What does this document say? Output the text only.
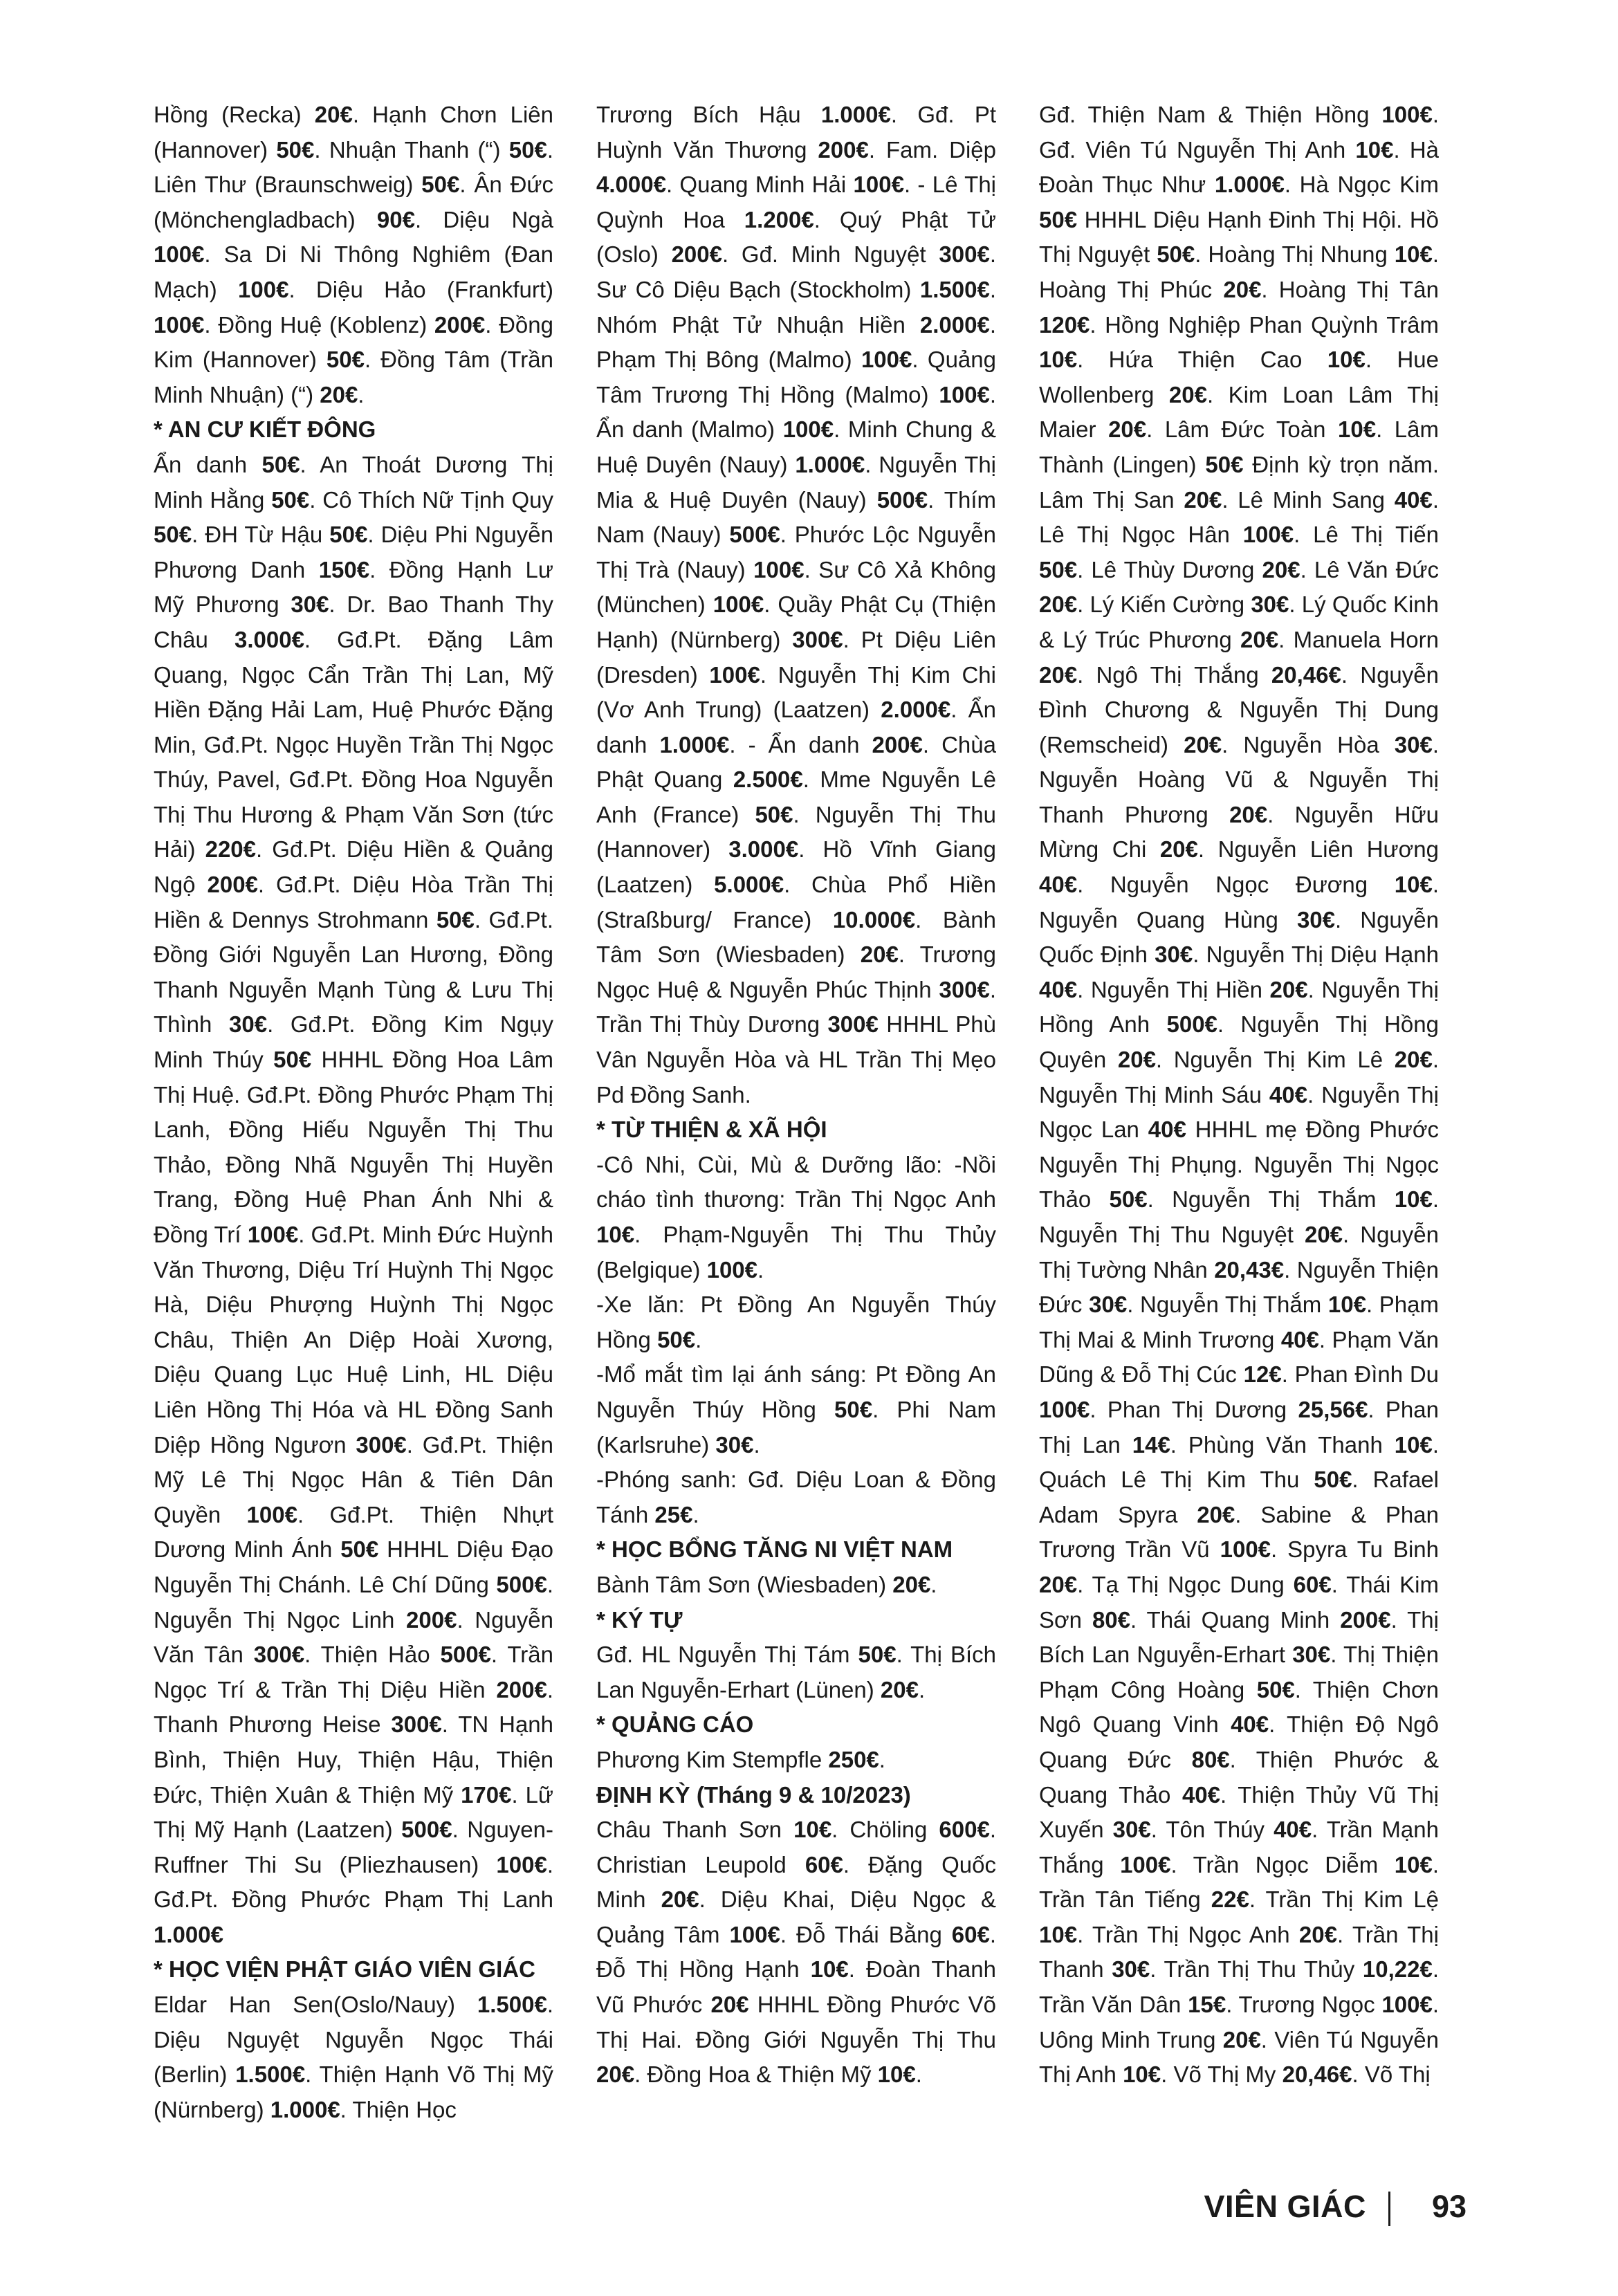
Hồng (Recka) 20€. Hạnh Chơn Liên (Hannover) 50€. Nhuận Thanh (“) 50€. Liên Thư (Braunschweig) 50€. Ân Đức (Mönchengladbach) 90€. Diệu Ngà 100€. Sa Di Ni Thông Nghiêm (Đan Mạch) 100€. Diệu Hảo (Frankfurt) 100€. Đồng Huệ (Koblenz) 200€. Đồng Kim (Hannover) 50€. Đồng Tâm (Trần Minh Nhuận) (“) 20€.

* AN CƯ KIẾT ĐÔNG

Ẩn danh 50€. An Thoát Dương Thị Minh Hằng 50€. Cô Thích Nữ Tịnh Quy 50€. ĐH Từ Hậu 50€. Diệu Phi Nguyễn Phương Danh 150€. Đồng Hạnh Lư Mỹ Phương 30€. Dr. Bao Thanh Thy Châu 3.000€. Gđ.Pt. Đặng Lâm Quang, Ngọc Cẩn Trần Thị Lan, Mỹ Hiền Đặng Hải Lam, Huệ Phước Đặng Min, Gđ.Pt. Ngọc Huyền Trần Thị Ngọc Thúy, Pavel, Gđ.Pt. Đồng Hoa Nguyễn Thị Thu Hương & Phạm Văn Sơn (tức Hải) 220€. Gđ.Pt. Diệu Hiền & Quảng Ngộ 200€. Gđ.Pt. Diệu Hòa Trần Thị Hiền & Dennys Strohmann 50€. Gđ.Pt. Đồng Giới Nguyễn Lan Hương, Đồng Thanh Nguyễn Mạnh Tùng & Lưu Thị Thình 30€. Gđ.Pt. Đồng Kim Ngụy Minh Thúy 50€ HHHL Đồng Hoa Lâm Thị Huệ. Gđ.Pt. Đồng Phước Phạm Thị Lanh, Đồng Hiếu Nguyễn Thị Thu Thảo, Đồng Nhã Nguyễn Thị Huyền Trang, Đồng Huệ Phan Ánh Nhi & Đồng Trí 100€. Gđ.Pt. Minh Đức Huỳnh Văn Thương, Diệu Trí Huỳnh Thị Ngọc Hà, Diệu Phượng Huỳnh Thị Ngọc Châu, Thiện An Diệp Hoài Xương, Diệu Quang Lục Huệ Linh, HL Diệu Liên Hồng Thị Hóa và HL Đồng Sanh Diệp Hồng Ngươn 300€. Gđ.Pt. Thiện Mỹ Lê Thị Ngọc Hân & Tiên Dân Quyền 100€. Gđ.Pt. Thiện Nhựt Dương Minh Ánh 50€ HHHL Diệu Đạo Nguyễn Thị Chánh. Lê Chí Dũng 500€. Nguyễn Thị Ngọc Linh 200€. Nguyễn Văn Tân 300€. Thiện Hảo 500€. Trần Ngọc Trí & Trần Thị Diệu Hiền 200€. Thanh Phương Heise 300€. TN Hạnh Bình, Thiện Huy, Thiện Hậu, Thiện Đức, Thiện Xuân & Thiện Mỹ 170€. Lữ Thị Mỹ Hạnh (Laatzen) 500€. Nguyen-Ruffner Thi Su (Pliezhausen) 100€. Gđ.Pt. Đồng Phước Phạm Thị Lanh 1.000€

* HỌC VIỆN PHẬT GIÁO VIÊN GIÁC

Eldar Han Sen(Oslo/Nauy) 1.500€. Diệu Nguyệt Nguyễn Ngọc Thái (Berlin) 1.500€. Thiện Hạnh Võ Thị Mỹ (Nürnberg) 1.000€. Thiện Học

Trương Bích Hậu 1.000€. Gđ. Pt Huỳnh Văn Thương 200€. Fam. Diệp 4.000€. Quang Minh Hải 100€. - Lê Thị Quỳnh Hoa 1.200€. Quý Phật Tử (Oslo) 200€. Gđ. Minh Nguyệt 300€. Sư Cô Diệu Bạch (Stockholm) 1.500€. Nhóm Phật Tử Nhuận Hiền 2.000€. Phạm Thị Bông (Malmo) 100€. Quảng Tâm Trương Thị Hồng (Malmo) 100€. Ẩn danh (Malmo) 100€. Minh Chung & Huệ Duyên (Nauy) 1.000€. Nguyễn Thị Mia & Huệ Duyên (Nauy) 500€. Thím Nam (Nauy) 500€. Phước Lộc Nguyễn Thị Trà (Nauy) 100€. Sư Cô Xả Không (München) 100€. Quầy Phật Cụ (Thiện Hạnh) (Nürnberg) 300€. Pt Diệu Liên (Dresden) 100€. Nguyễn Thị Kim Chi (Vơ Anh Trung) (Laatzen) 2.000€. Ẩn danh 1.000€. - Ẩn danh 200€. Chùa Phật Quang 2.500€. Mme Nguyễn Lê Anh (France) 50€. Nguyễn Thị Thu (Hannover) 3.000€. Hồ Vĩnh Giang (Laatzen) 5.000€. Chùa Phổ Hiền (Straßburg/ France) 10.000€. Bành Tâm Sơn (Wiesbaden) 20€. Trương Ngọc Huệ & Nguyễn Phúc Thịnh 300€. Trần Thị Thùy Dương 300€ HHHL Phù Vân Nguyễn Hòa và HL Trần Thị Mẹo Pd Đồng Sanh.

* TỪ THIỆN & XÃ HỘI

-Cô Nhi, Cùi, Mù & Dưỡng lão: -Nồi cháo tình thương: Trần Thị Ngọc Anh 10€. Phạm-Nguyễn Thị Thu Thủy (Belgique) 100€.

-Xe lăn: Pt Đồng An Nguyễn Thúy Hồng 50€.

-Mổ mắt tìm lại ánh sáng: Pt Đồng An Nguyễn Thúy Hồng 50€. Phi Nam (Karlsruhe) 30€.

-Phóng sanh: Gđ. Diệu Loan & Đồng Tánh 25€.

* HỌC BỔNG TĂNG NI VIỆT NAM

Bành Tâm Sơn (Wiesbaden) 20€.

* KÝ TỰ

Gđ. HL Nguyễn Thị Tám 50€. Thị Bích Lan Nguyễn-Erhart (Lünen) 20€.

* QUẢNG CÁO

Phương Kim Stempfle 250€.

ĐỊNH KỲ (Tháng 9 & 10/2023)

Châu Thanh Sơn 10€. Chöling 600€. Christian Leupold 60€. Đặng Quốc Minh 20€. Diệu Khai, Diệu Ngọc & Quảng Tâm 100€. Đỗ Thái Bằng 60€. Đỗ Thị Hồng Hạnh 10€. Đoàn Thanh Vũ Phước 20€ HHHL Đồng Phước Võ Thị Hai. Đồng Giới Nguyễn Thị Thu 20€. Đồng Hoa & Thiện Mỹ 10€.

Gđ. Thiện Nam & Thiện Hồng 100€. Gđ. Viên Tú Nguyễn Thị Anh 10€. Hà Đoàn Thục Như 1.000€. Hà Ngọc Kim 50€ HHHL Diệu Hạnh Đinh Thị Hội. Hồ Thị Nguyệt 50€. Hoàng Thị Nhung 10€. Hoàng Thị Phúc 20€. Hoàng Thị Tân 120€. Hồng Nghiệp Phan Quỳnh Trâm 10€. Hứa Thiện Cao 10€. Hue Wollenberg 20€. Kim Loan Lâm Thị Maier 20€. Lâm Đức Toàn 10€. Lâm Thành (Lingen) 50€ Định kỳ trọn năm. Lâm Thị San 20€. Lê Minh Sang 40€. Lê Thị Ngọc Hân 100€. Lê Thị Tiến 50€. Lê Thùy Dương 20€. Lê Văn Đức 20€. Lý Kiến Cường 30€. Lý Quốc Kinh & Lý Trúc Phương 20€. Manuela Horn 20€. Ngô Thị Thắng 20,46€. Nguyễn Đình Chương & Nguyễn Thị Dung (Remscheid) 20€. Nguyễn Hòa 30€. Nguyễn Hoàng Vũ & Nguyễn Thị Thanh Phương 20€. Nguyễn Hữu Mừng Chi 20€. Nguyễn Liên Hương 40€. Nguyễn Ngọc Đương 10€. Nguyễn Quang Hùng 30€. Nguyễn Quốc Định 30€. Nguyễn Thị Diệu Hạnh 40€. Nguyễn Thị Hiền 20€. Nguyễn Thị Hồng Anh 500€. Nguyễn Thị Hồng Quyên 20€. Nguyễn Thị Kim Lê 20€. Nguyễn Thị Minh Sáu 40€. Nguyễn Thị Ngọc Lan 40€ HHHL mẹ Đồng Phước Nguyễn Thị Phụng. Nguyễn Thị Ngọc Thảo 50€. Nguyễn Thị Thắm 10€. Nguyễn Thị Thu Nguyệt 20€. Nguyễn Thị Tường Nhân 20,43€. Nguyễn Thiện Đức 30€. Nguyễn Thị Thắm 10€. Phạm Thị Mai & Minh Trương 40€. Phạm Văn Dũng & Đỗ Thị Cúc 12€. Phan Đình Du 100€. Phan Thị Dương 25,56€. Phan Thị Lan 14€. Phùng Văn Thanh 10€. Quách Lê Thị Kim Thu 50€. Rafael Adam Spyra 20€. Sabine & Phan Trương Trần Vũ 100€. Spyra Tu Binh 20€. Tạ Thị Ngọc Dung 60€. Thái Kim Sơn 80€. Thái Quang Minh 200€. Thị Bích Lan Nguyễn-Erhart 30€. Thị Thiện Phạm Công Hoàng 50€. Thiện Chơn Ngô Quang Vinh 40€. Thiện Độ Ngô Quang Đức 80€. Thiện Phước & Quang Thảo 40€. Thiện Thủy Vũ Thị Xuyến 30€. Tôn Thúy 40€. Trần Mạnh Thắng 100€. Trần Ngọc Diễm 10€. Trần Tân Tiếng 22€. Trần Thị Kim Lệ 10€. Trần Thị Ngọc Anh 20€. Trần Thị Thanh 30€. Trần Thị Thu Thủy 10,22€. Trần Văn Dân 15€. Trương Ngọc 100€. Uông Minh Trung 20€. Viên Tú Nguyễn Thị Anh 10€. Võ Thị My 20,46€. Võ Thị

VIÊN GIÁC	93
